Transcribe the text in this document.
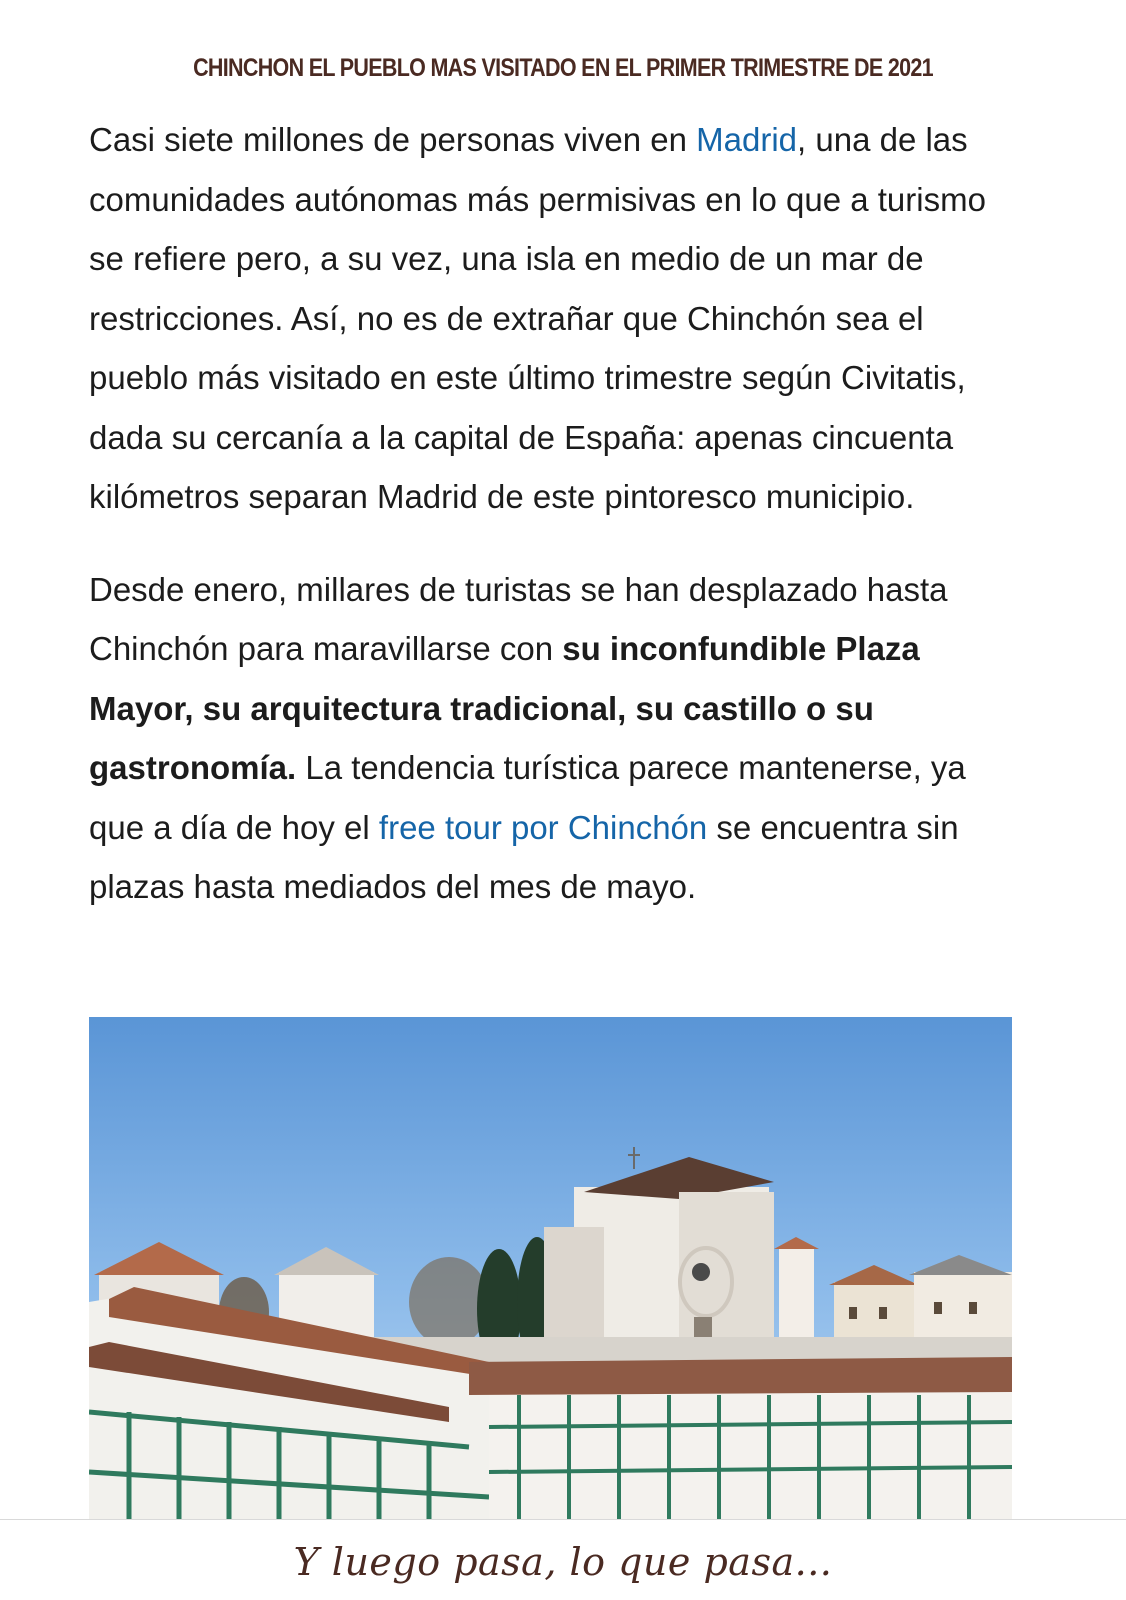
CHINCHON EL PUEBLO MAS VISITADO EN EL PRIMER TRIMESTRE DE 2021

Casi siete millones de personas viven en Madrid, una de las comunidades autónomas más permisivas en lo que a turismo se refiere pero, a su vez, una isla en medio de un mar de restricciones. Así, no es de extrañar que Chinchón sea el pueblo más visitado en este último trimestre según Civitatis, dada su cercanía a la capital de España: apenas cincuenta kilómetros separan Madrid de este pintoresco municipio.

Desde enero, millares de turistas se han desplazado hasta Chinchón para maravillarse con su inconfundible Plaza Mayor, su arquitectura tradicional, su castillo o su gastronomía. La tendencia turística parece mantenerse, ya que a día de hoy el free tour por Chinchón se encuentra sin plazas hasta mediados del mes de mayo.

Y luego pasa, lo que pasa...
